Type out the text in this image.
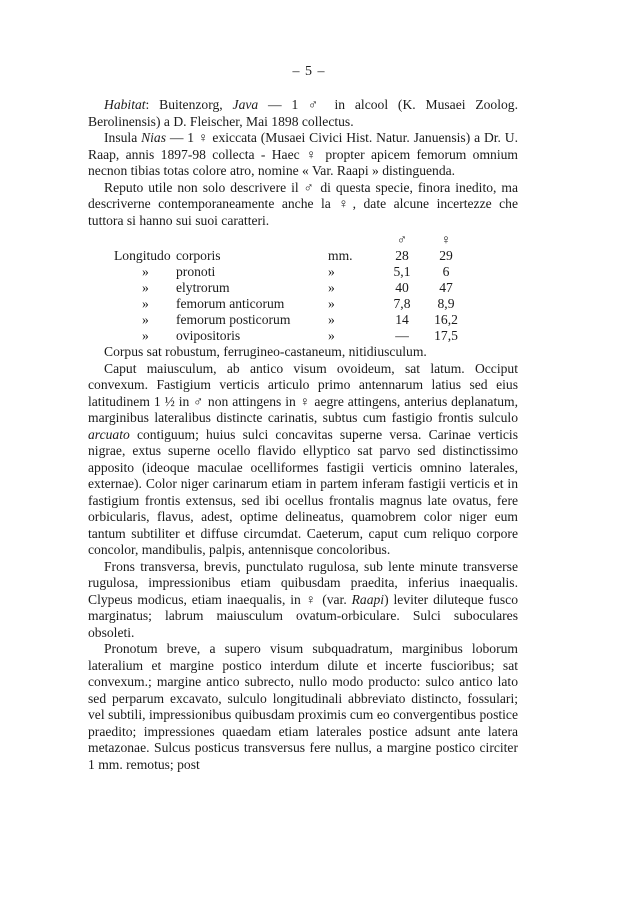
– 5 –

Habitat: Buitenzorg, Java — 1 ♂ in alcool (K. Musaei Zoolog. Berolinensis) a D. Fleischer, Mai 1898 collectus.

Insula Nias — 1 ♀ exiccata (Musaei Civici Hist. Natur. Januensis) a Dr. U. Raap, annis 1897-98 collecta - Haec ♀ propter apicem femorum omnium necnon tibias totas colore atro, nomine « Var. Raapi » distinguenda.

Reputo utile non solo descrivere il ♂ di questa specie, finora inedito, ma descriverne contemporaneamente anche la ♀, date alcune incertezze che tuttora si hanno sui suoi caratteri.

		♂	♀
Longitudo corporis	mm.	28	29
» pronoti	»	5,1	6
» elytrorum	»	40	47
» femorum anticorum	»	7,8	8,9
» femorum posticorum	»	14	16,2
» ovipositoris	»	—	17,5

Corpus sat robustum, ferrugineo-castaneum, nitidiusculum.

Caput maiusculum, ab antico visum ovoideum, sat latum. Occiput convexum. Fastigium verticis articulo primo antennarum latius sed eius latitudinem 1 ½ in ♂ non attingens in ♀ aegre attingens, anterius deplanatum, marginibus lateralibus distincte carinatis, subtus cum fastigio frontis sulculo arcuato contiguum; huius sulci concavitas superne versa. Carinae verticis nigrae, extus superne ocello flavido ellyptico sat parvo sed distinctissimo apposito (ideoque maculae ocelliformes fastigii verticis omnino laterales, externae). Color niger carinarum etiam in partem inferam fastigii verticis et in fastigium frontis extensus, sed ibi ocellus frontalis magnus late ovatus, fere orbicularis, flavus, adest, optime delineatus, quamobrem color niger eum tantum subtiliter et diffuse circumdat. Caeterum, caput cum reliquo corpore concolor, mandibulis, palpis, antennisque concoloribus.

Frons transversa, brevis, punctulato rugulosa, sub lente minute transverse rugulosa, impressionibus etiam quibusdam praedita, inferius inaequalis. Clypeus modicus, etiam inaequalis, in ♀ (var. Raapi) leviter diluteque fusco marginatus; labrum maiusculum ovatum-orbiculare. Sulci suboculares obsoleti.

Pronotum breve, a supero visum subquadratum, marginibus loborum lateralium et margine postico interdum dilute et incerte fuscioribus; sat convexum.; margine antico subrecto, nullo modo producto: sulco antico lato sed perparum excavato, sulculo longitudinali abbreviato distincto, fossulari; vel subtili, impressionibus quibusdam proximis cum eo convergentibus postice praedito; impressiones quaedam etiam laterales postice adsunt ante latera metazonae. Sulcus posticus transversus fere nullus, a margine postico circiter 1 mm. remotus; post
